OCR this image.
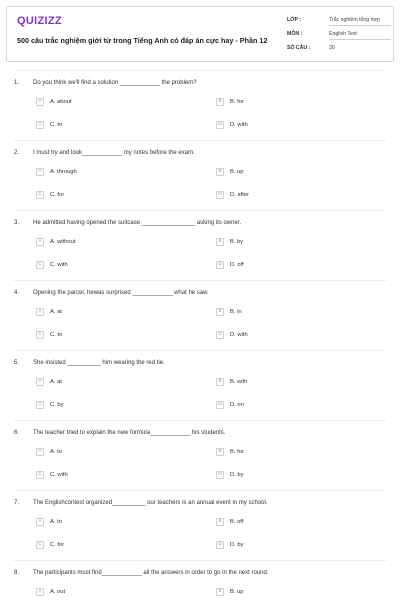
QUIZIZZ
500 câu trắc nghiệm giới từ trong Tiếng Anh có đáp án cực hay - Phần 12
LỚP :	Trắc nghiệm tổng hợp
MÔN :	English Test
SỐ CÂU :	30
1. Do you think we'll find a solution ____________ the problem?
A A. about	B B. for
C C. to	D D. with
2. I must try and look____________ my notes before the exam.
A A. through	B B. up
C C. for	D D. after
3. He admitted having opened the suitcase ________________ asking its owner.
A A. without	B B. by
C C. with	D D. off
4. Opening the parcel, hewas surprised ____________ what he saw.
A A. at	B B. in
C C. to	D D. with
5. She insisted __________ him wearing the red tie.
A A. at	B B. with
C C. by	D D. on
6. The teacher tried to explain the new formula____________ his students.
A A. to	B B. for
C C. with	D D. by
7. The Englishcontest organized__________ our teachers is an annual event in my school.
A A. to	B B. off
C C. for	D D. by
8. The participants must find____________ all the answers in order to go in the next round.
A A. out	B B. up
